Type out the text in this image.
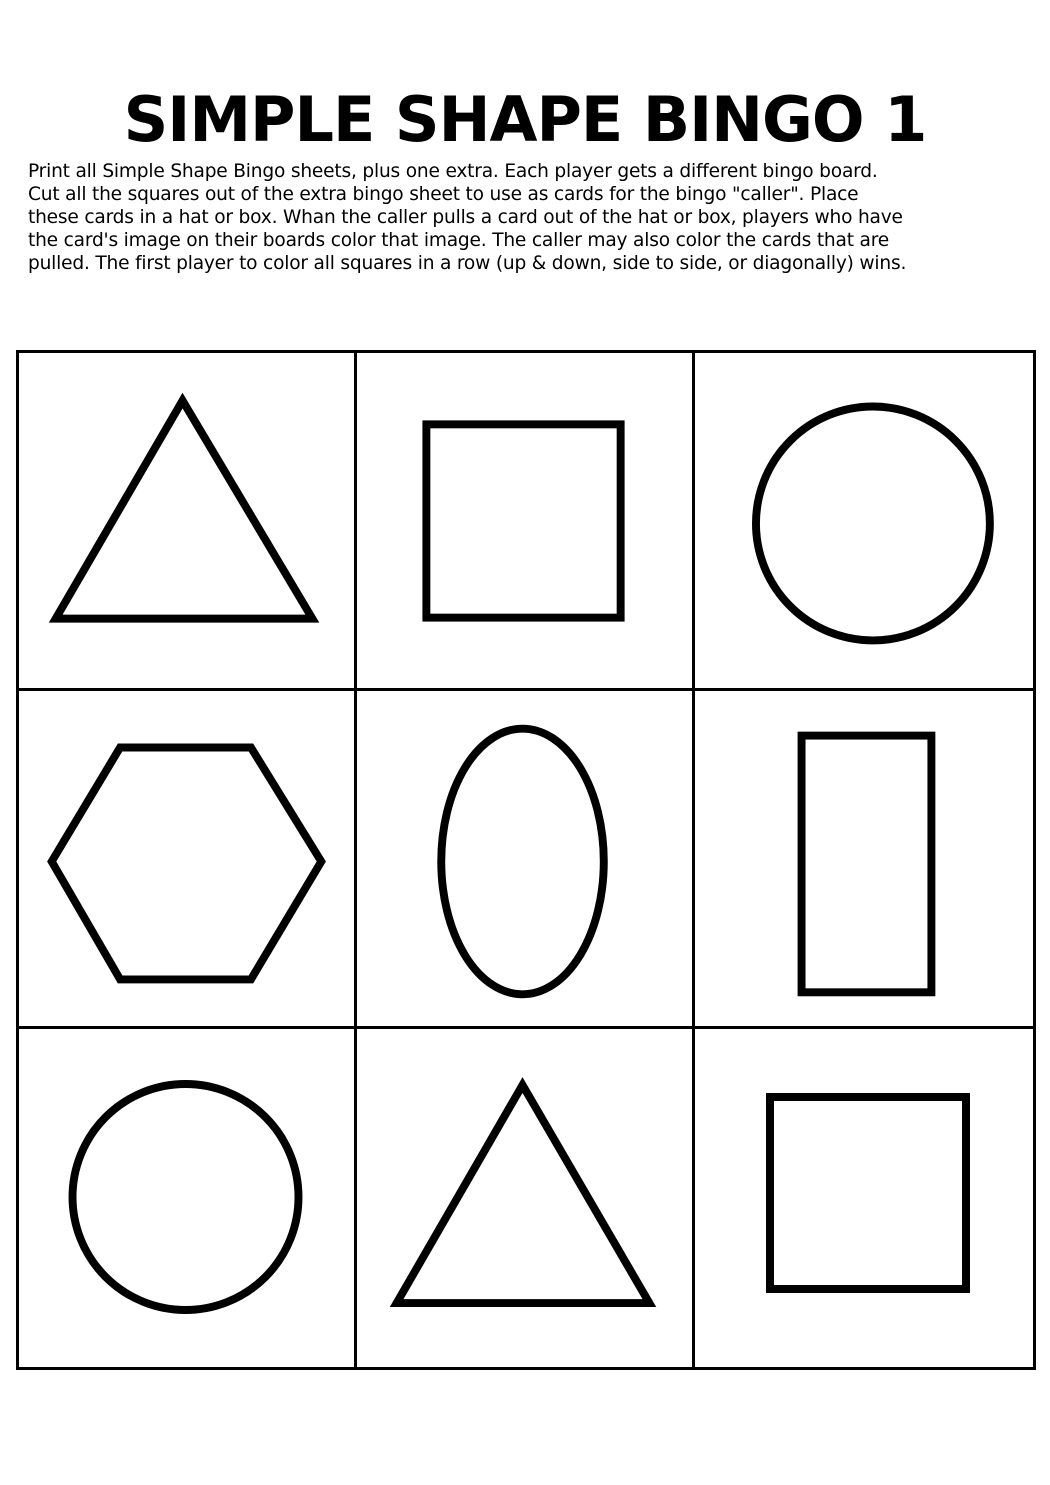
SIMPLE SHAPE BINGO 1
Print all Simple Shape Bingo sheets, plus one extra. Each player gets a different bingo board.
Cut all the squares out of the extra bingo sheet to use as cards for the bingo "caller". Place
these cards in a hat or box. Whan the caller pulls a card out of the hat or box, players who have
the card's image on their boards color that image. The caller may also color the cards that are
pulled. The first player to color all squares in a row (up & down, side to side, or diagonally) wins.
